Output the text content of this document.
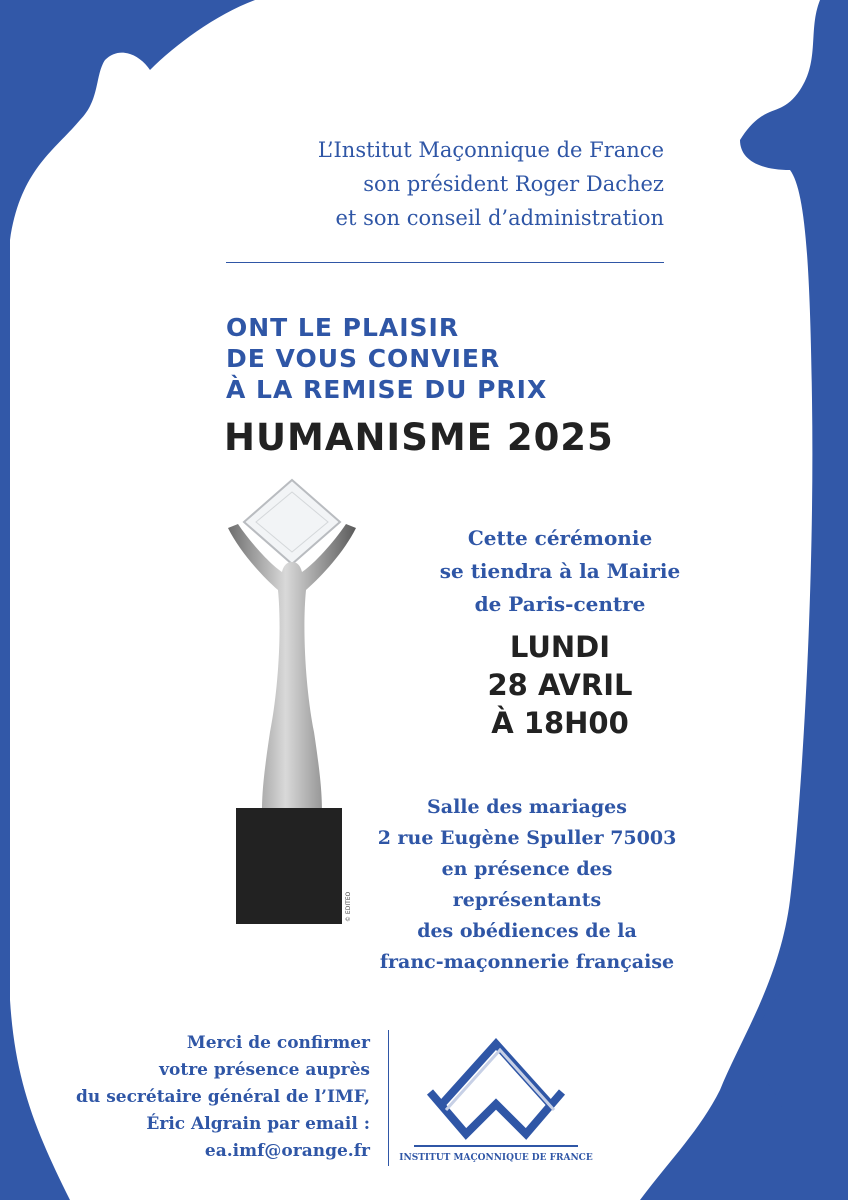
L’Institut Maçonnique de France
son président Roger Dachez
et son conseil d’administration
ONT LE PLAISIR
DE VOUS CONVIER
À LA REMISE DU PRIX
HUMANISME 2025
© EDITEO
Cette cérémonie
se tiendra à la Mairie
de Paris-centre
LUNDI
28 AVRIL
À 18H00
Salle des mariages
2 rue Eugène Spuller 75003
en présence des représentants
des obédiences de la
franc-maçonnerie française
Merci de confirmer
votre présence auprès
du secrétaire général de l’IMF,
Éric Algrain par email :
ea.imf@orange.fr	INSTITUT MAÇONNIQUE DE FRANCE
